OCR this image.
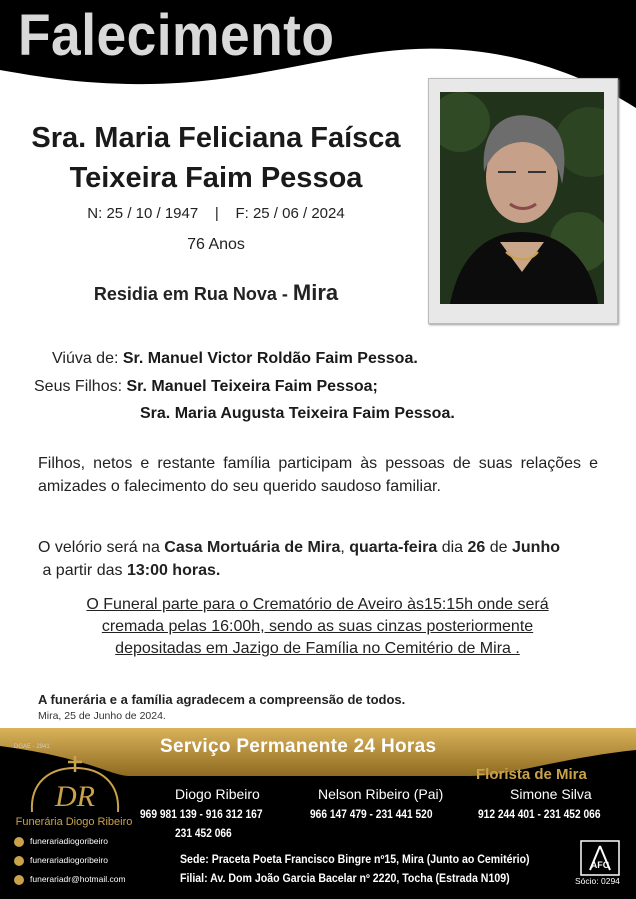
Falecimento
Sra. Maria Feliciana Faísca
Teixeira Faim Pessoa
N: 25 / 10 / 1947    |    F: 25 / 06 / 2024
76 Anos
Residia em Rua Nova - Mira
Viúva de: Sr. Manuel Victor Roldão Faim Pessoa.
Seus Filhos: Sr. Manuel Teixeira Faim Pessoa;
Sra. Maria Augusta Teixeira Faim Pessoa.
Filhos, netos e restante família participam às pessoas de suas relações e amizades o falecimento do seu querido saudoso familiar.
O velório será na Casa Mortuária de Mira, quarta-feira dia 26 de Junho a partir das 13:00 horas.
O Funeral parte para o Crematório de Aveiro às15:15h onde será
cremada pelas 16:00h, sendo as suas cinzas posteriormente
depositadas em Jazigo de Família no Cemitério de Mira .
A funerária e a família agradecem a compreensão de todos.
Mira, 25 de Junho de 2024.
Serviço Permanente 24 Horas
DGAE - 2941
DR
Funerária Diogo Ribeiro
Florista de Mira
Diogo Ribeiro
969 981 139 - 916 312 167
231 452 066
Nelson Ribeiro (Pai)
966 147 479 - 231 441 520
Simone Silva
912 244 401 - 231 452 066
funerariadiogoribeiro
funerariadiogoribeiro
funerariadr@hotmail.com
Sede: Praceta Poeta Francisco Bingre nº15, Mira (Junto ao Cemitério)
Filial: Av. Dom João Garcia Bacelar nº 2220, Tocha (Estrada N109)
AFC
Sócio: 0294
